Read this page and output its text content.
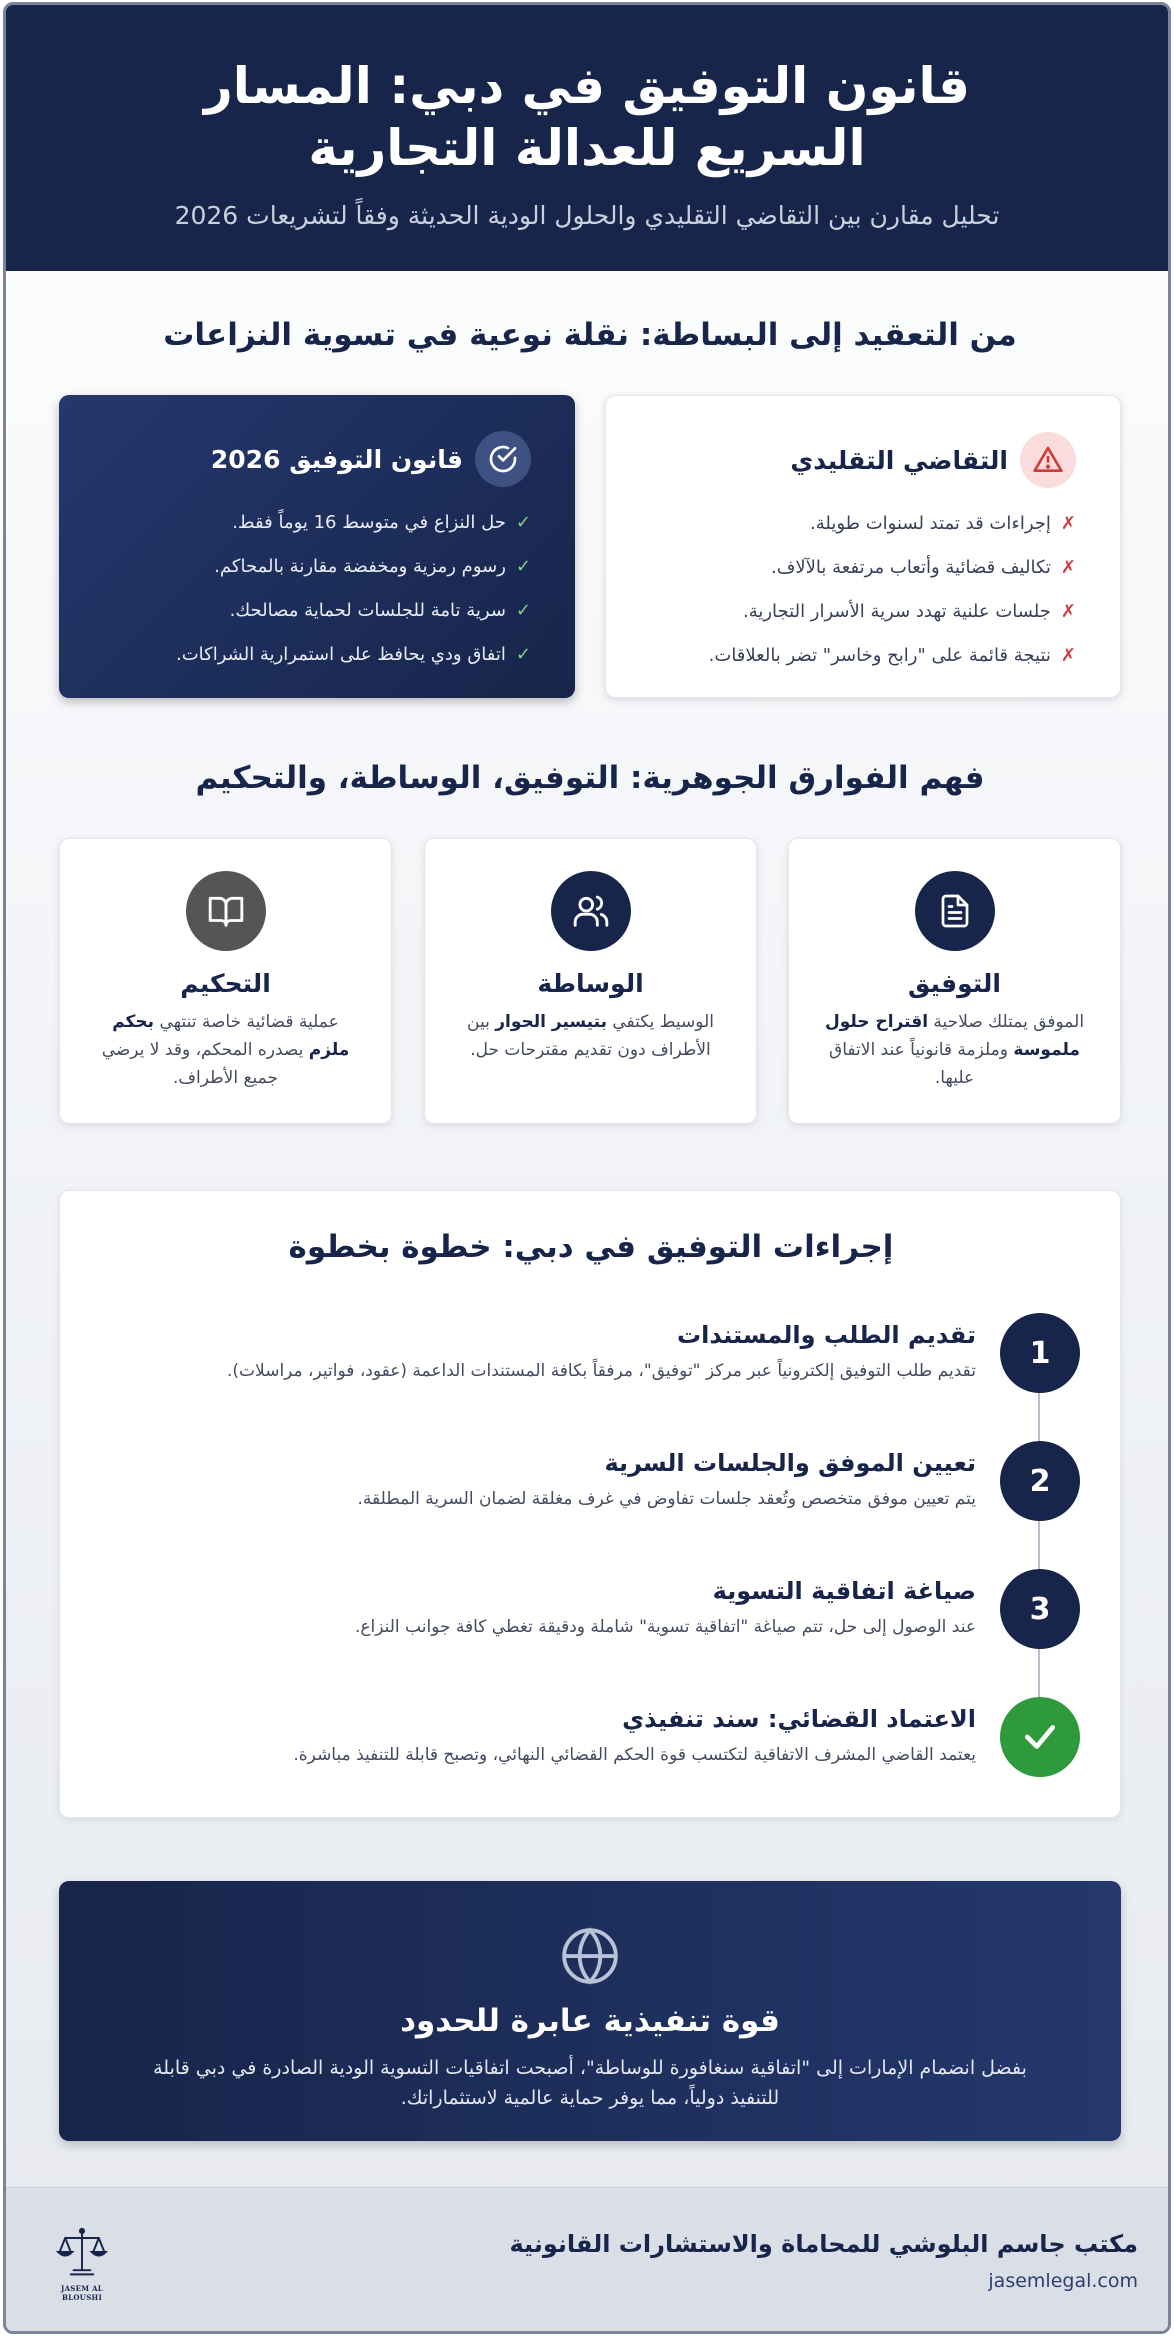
قانون التوفيق في دبي: المسار السريع للعدالة التجارية

تحليل مقارن بين التقاضي التقليدي والحلول الودية الحديثة وفقاً لتشريعات 2026

من التعقيد إلى البساطة: نقلة نوعية في تسوية النزاعات
التقاضي التقليدي
✗
إجراءات قد تمتد لسنوات طويلة.
✗
تكاليف قضائية وأتعاب مرتفعة بالآلاف.
✗
جلسات علنية تهدد سرية الأسرار التجارية.
✗
نتيجة قائمة على "رابح وخاسر" تضر بالعلاقات.
قانون التوفيق 2026
✓
حل النزاع في متوسط 16 يوماً فقط.
✓
رسوم رمزية ومخفضة مقارنة بالمحاكم.
✓
سرية تامة للجلسات لحماية مصالحك.
✓
اتفاق ودي يحافظ على استمرارية الشراكات.
فهم الفوارق الجوهرية: التوفيق، الوساطة، والتحكيم
التوفيق

الموفق يمتلك صلاحية اقتراح حلول ملموسة وملزمة قانونياً عند الاتفاق عليها.

الوساطة

الوسيط يكتفي بتيسير الحوار بين الأطراف دون تقديم مقترحات حل.

التحكيم

عملية قضائية خاصة تنتهي بحكم ملزم يصدره المحكم، وقد لا يرضي جميع الأطراف.

إجراءات التوفيق في دبي: خطوة بخطوة
1
تقديم الطلب والمستندات

تقديم طلب التوفيق إلكترونياً عبر مركز "توفيق"، مرفقاً بكافة المستندات الداعمة (عقود، فواتير، مراسلات).

2
تعيين الموفق والجلسات السرية

يتم تعيين موفق متخصص وتُعقد جلسات تفاوض في غرف مغلقة لضمان السرية المطلقة.

3
صياغة اتفاقية التسوية

عند الوصول إلى حل، تتم صياغة "اتفاقية تسوية" شاملة ودقيقة تغطي كافة جوانب النزاع.

الاعتماد القضائي: سند تنفيذي

يعتمد القاضي المشرف الاتفاقية لتكتسب قوة الحكم القضائي النهائي، وتصبح قابلة للتنفيذ مباشرة.

قوة تنفيذية عابرة للحدود

بفضل انضمام الإمارات إلى "اتفاقية سنغافورة للوساطة"، أصبحت اتفاقيات التسوية الودية الصادرة في دبي قابلة للتنفيذ دولياً، مما يوفر حماية عالمية لاستثماراتك.

مكتب جاسم البلوشي للمحاماة والاستشارات القانونية
jasemlegal.com
JASEM AL BLOUSHI
